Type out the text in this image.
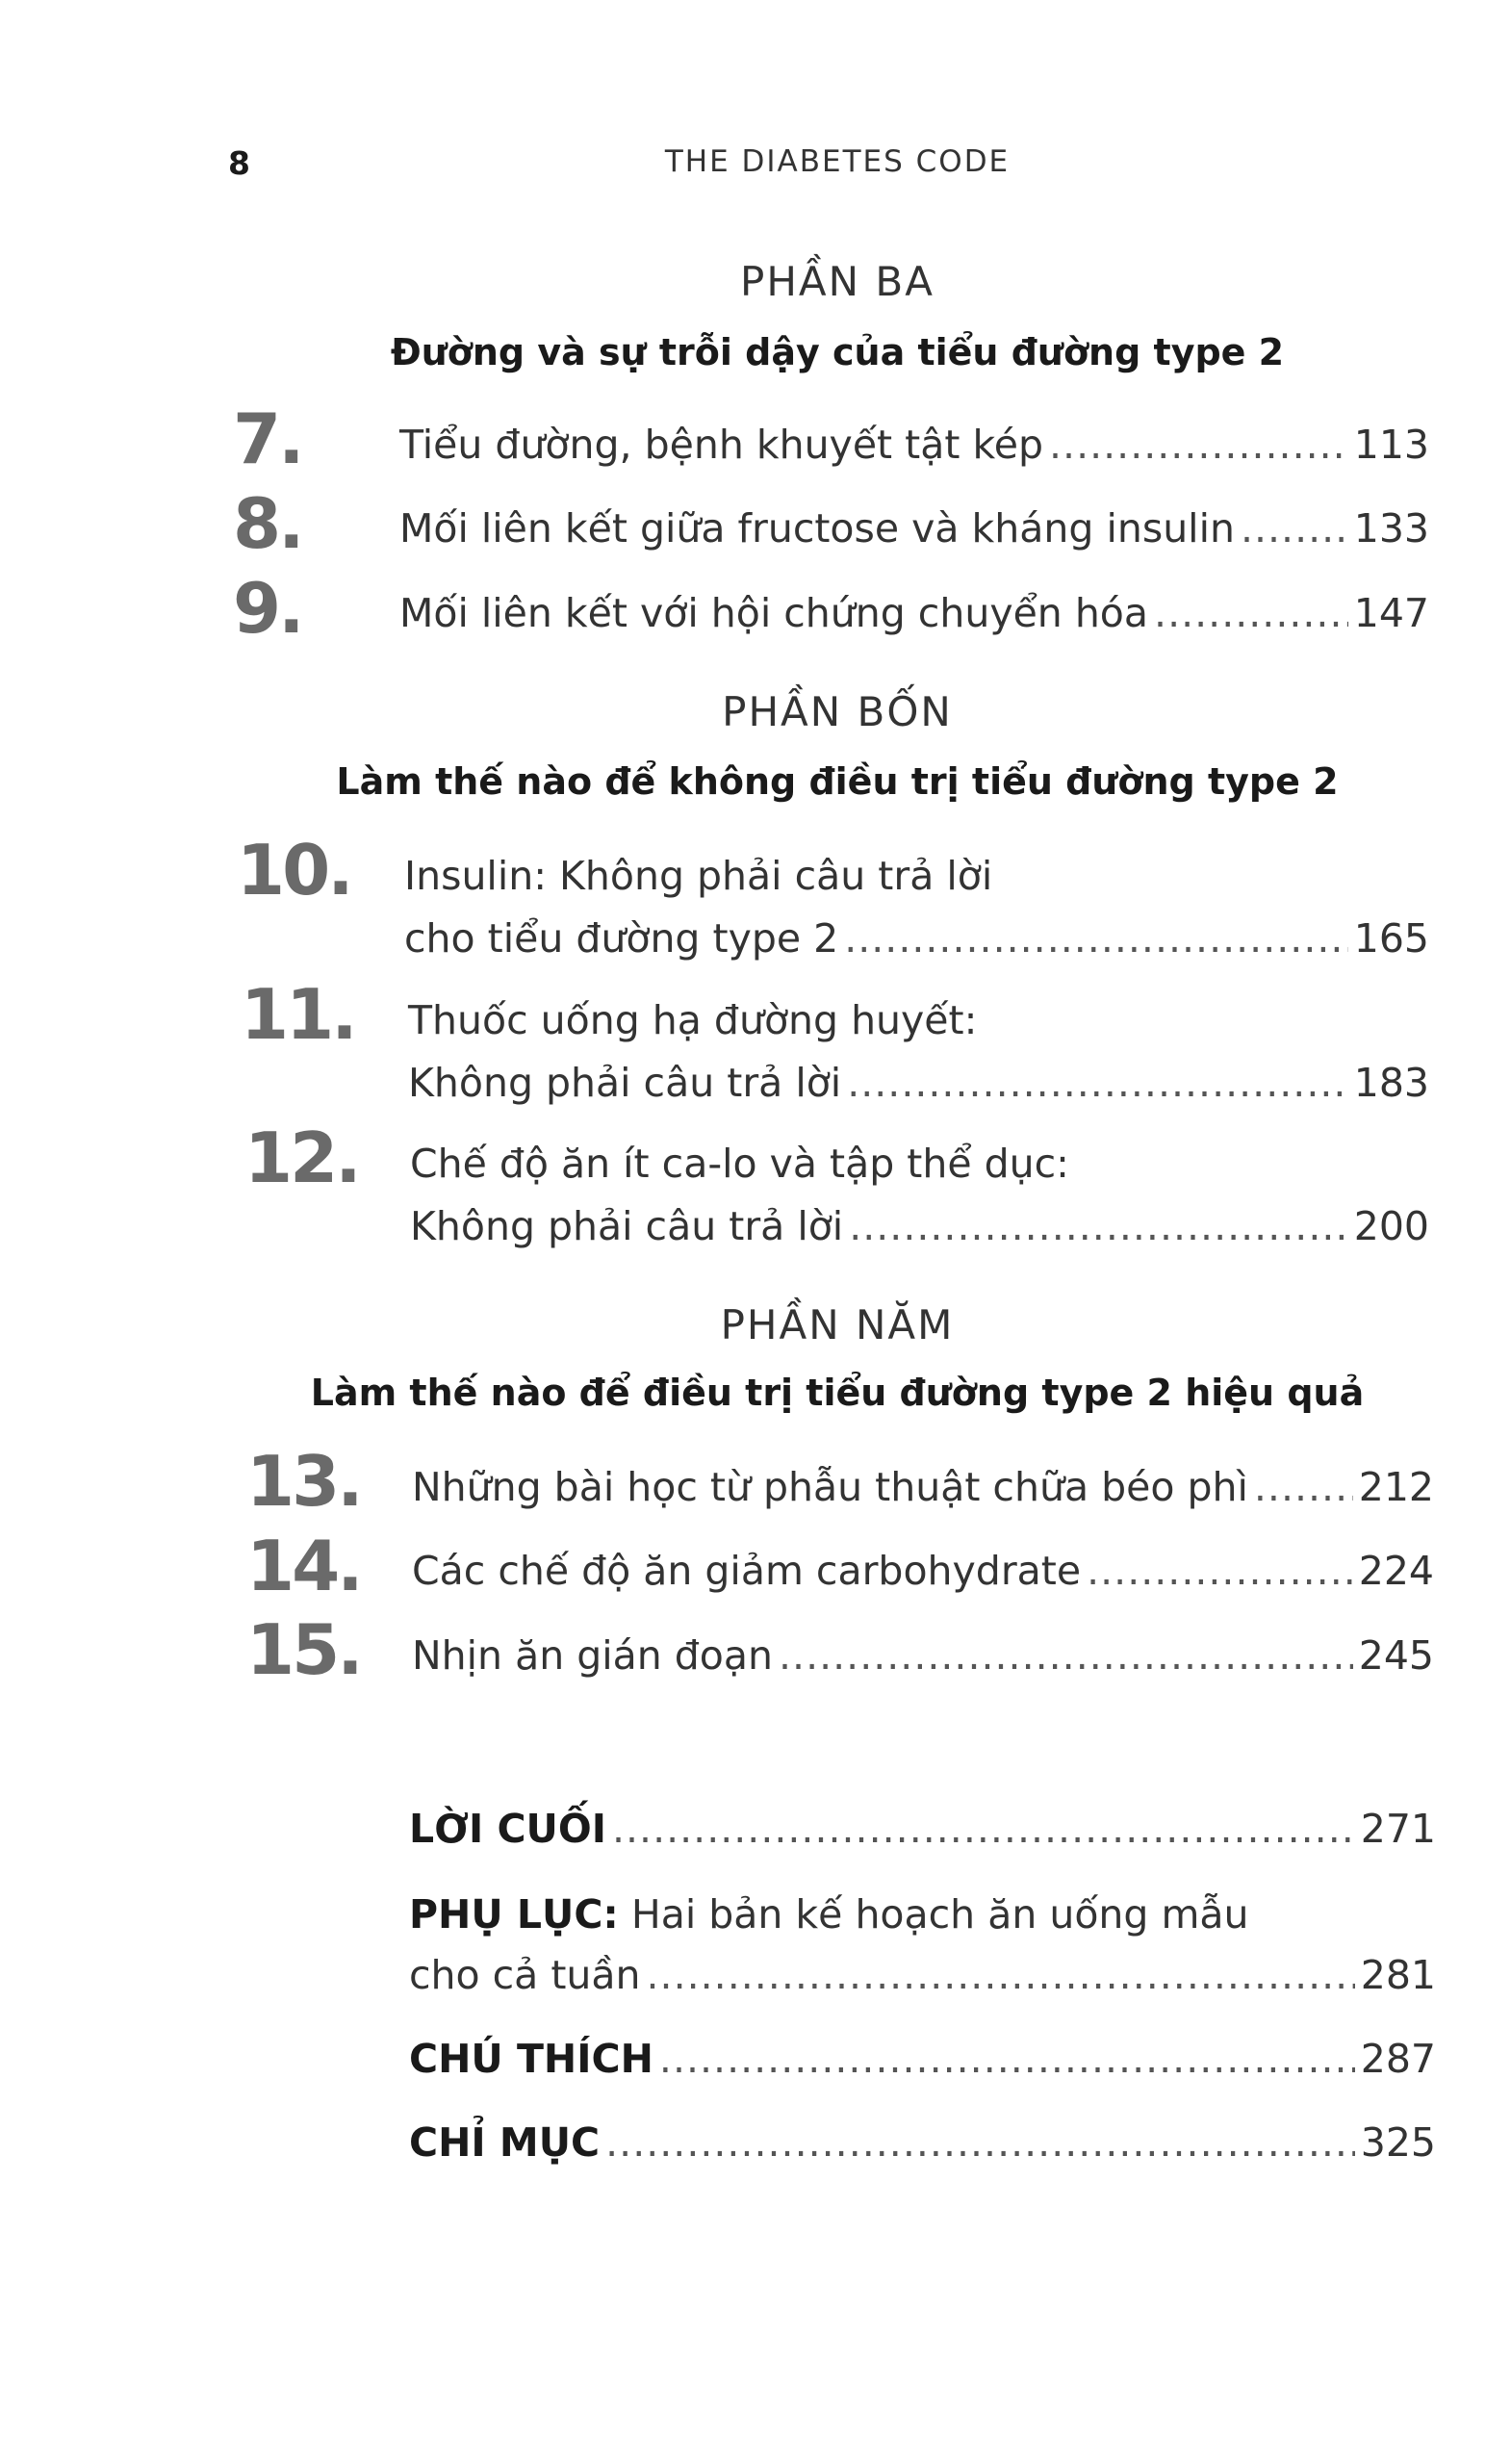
8	THE DIABETES CODE
PHẦN BA
Đường và sự trỗi dậy của tiểu đường type 2
7. Tiểu đường, bệnh khuyết tật kép .....	113
8. Mối liên kết giữa fructose và kháng insulin .....	133
9. Mối liên kết với hội chứng chuyển hóa .....	147
PHẦN BỐN
Làm thế nào để không điều trị tiểu đường type 2
10. Insulin: Không phải câu trả lời
cho tiểu đường type 2 .....	165
11. Thuốc uống hạ đường huyết:
Không phải câu trả lời .....	183
12. Chế độ ăn ít ca-lo và tập thể dục:
Không phải câu trả lời .....	200
PHẦN NĂM
Làm thế nào để điều trị tiểu đường type 2 hiệu quả
13. Những bài học từ phẫu thuật chữa béo phì .....	212
14. Các chế độ ăn giảm carbohydrate .....	224
15. Nhịn ăn gián đoạn .....	245
LỜI CUỐI .....	271
PHỤ LỤC: Hai bản kế hoạch ăn uống mẫu
cho cả tuần .....	281
CHÚ THÍCH .....	287
CHỈ MỤC .....	325
